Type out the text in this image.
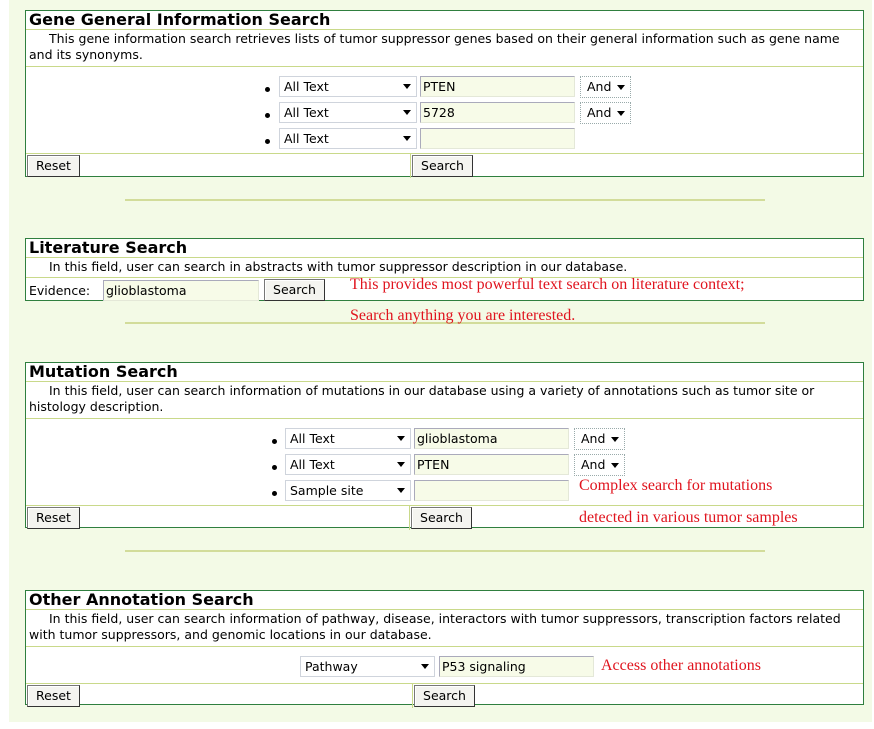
Gene General Information Search
This gene information search retrieves lists of tumor suppressor genes based on their general information such as gene name and its synonyms.
All Text	PTEN	And
All Text	5728	And
All Text
Reset	Search
Literature Search
In this field, user can search in abstracts with tumor suppressor description in our database.
Evidence: glioblastoma	Search	This provides most powerful text search on literature context;
Search anything you are interested.
Mutation Search
In this field, user can search information of mutations in our database using a variety of annotations such as tumor site or histology description.
All Text	glioblastoma	And
All Text	PTEN	And
Sample site
Reset	Search
Complex search for mutations
detected in various tumor samples
Other Annotation Search
In this field, user can search information of pathway, disease, interactors with tumor suppressors, transcription factors related with tumor suppressors, and genomic locations in our database.
Pathway	P53 signaling
Reset	Search
Access other annotations
